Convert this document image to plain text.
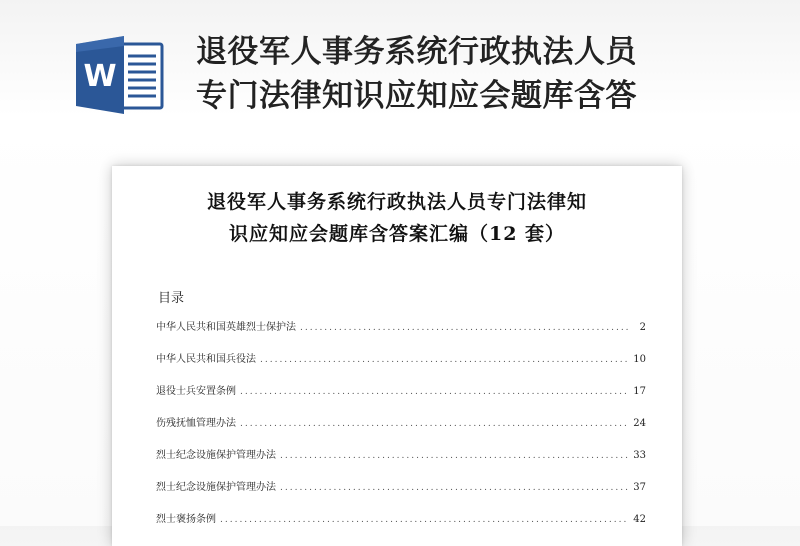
W
退役军人事务系统行政执法人员
专门法律知识应知应会题库含答
退役军人事务系统行政执法人员专门法律知
识应知应会题库含答案汇编（12 套）
目录
中华人民共和国英雄烈士保护法 .....	2
中华人民共和国兵役法 .....	10
退役士兵安置条例 .....	17
伤残抚恤管理办法 .....	24
烈士纪念设施保护管理办法 .....	33
烈士纪念设施保护管理办法 .....	37
烈士褒扬条例 .....	42
